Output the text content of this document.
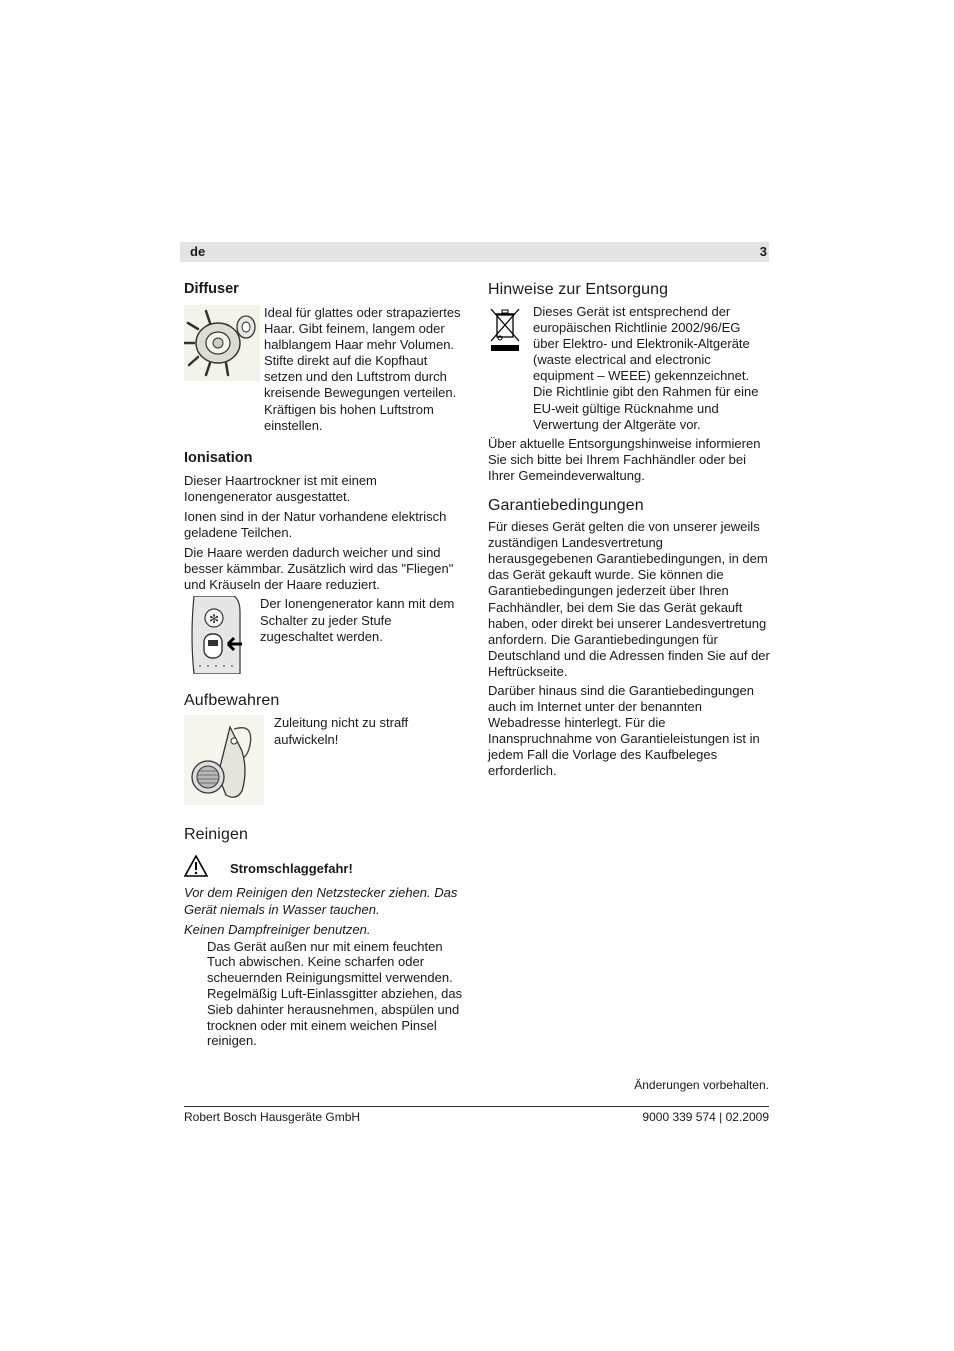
de	3
Diffuser
Ideal für glattes oder strapaziertes Haar. Gibt feinem, langem oder halblangem Haar mehr Volumen. Stifte direkt auf die Kopfhaut setzen und den Luftstrom durch kreisende Bewegungen verteilen. Kräftigen bis hohen Luftstrom einstellen.
Ionisation
Dieser Haartrockner ist mit einem Ionengenerator ausgestattet.
Ionen sind in der Natur vorhandene elektrisch geladene Teilchen.
Die Haare werden dadurch weicher und sind besser kämmbar. Zusätzlich wird das "Fliegen" und Kräuseln der Haare reduziert.
✻
Der Ionengenerator kann mit dem Schalter zu jeder Stufe zugeschaltet werden.
Aufbewahren
Zuleitung nicht zu straff aufwickeln!
Reinigen
Stromschlaggefahr!
Vor dem Reinigen den Netzstecker ziehen. Das Gerät niemals in Wasser tauchen.
Keinen Dampfreiniger benutzen.
Das Gerät außen nur mit einem feuchten Tuch abwischen. Keine scharfen oder scheuernden Reinigungsmittel verwenden.
Regelmäßig Luft-Einlassgitter abziehen, das Sieb dahinter herausnehmen, abspülen und trocknen oder mit einem weichen Pinsel reinigen.
Hinweise zur Entsorgung
Dieses Gerät ist entsprechend der europäischen Richtlinie 2002/96/EG über Elektro- und Elektronik-Altgeräte (waste electrical and electronic equipment – WEEE) gekennzeichnet. Die Richtlinie gibt den Rahmen für eine EU-weit gültige Rücknahme und Verwertung der Altgeräte vor.
Über aktuelle Entsorgungshinweise informieren Sie sich bitte bei Ihrem Fachhändler oder bei Ihrer Gemeindeverwaltung.
Garantiebedingungen
Für dieses Gerät gelten die von unserer jeweils zuständigen Landesvertretung herausgegebenen Garantiebedingungen, in dem das Gerät gekauft wurde. Sie können die Garantiebedingungen jederzeit über Ihren Fachhändler, bei dem Sie das Gerät gekauft haben, oder direkt bei unserer Landesvertretung anfordern. Die Garantiebedingungen für Deutschland und die Adressen finden Sie auf der Heftrückseite.
Darüber hinaus sind die Garantiebedingungen auch im Internet unter der benannten Webadresse hinterlegt. Für die Inanspruchnahme von Garantieleistungen ist in jedem Fall die Vorlage des Kaufbeleges erforderlich.
Änderungen vorbehalten.
Robert Bosch Hausgeräte GmbH	9000 339 574 | 02.2009
